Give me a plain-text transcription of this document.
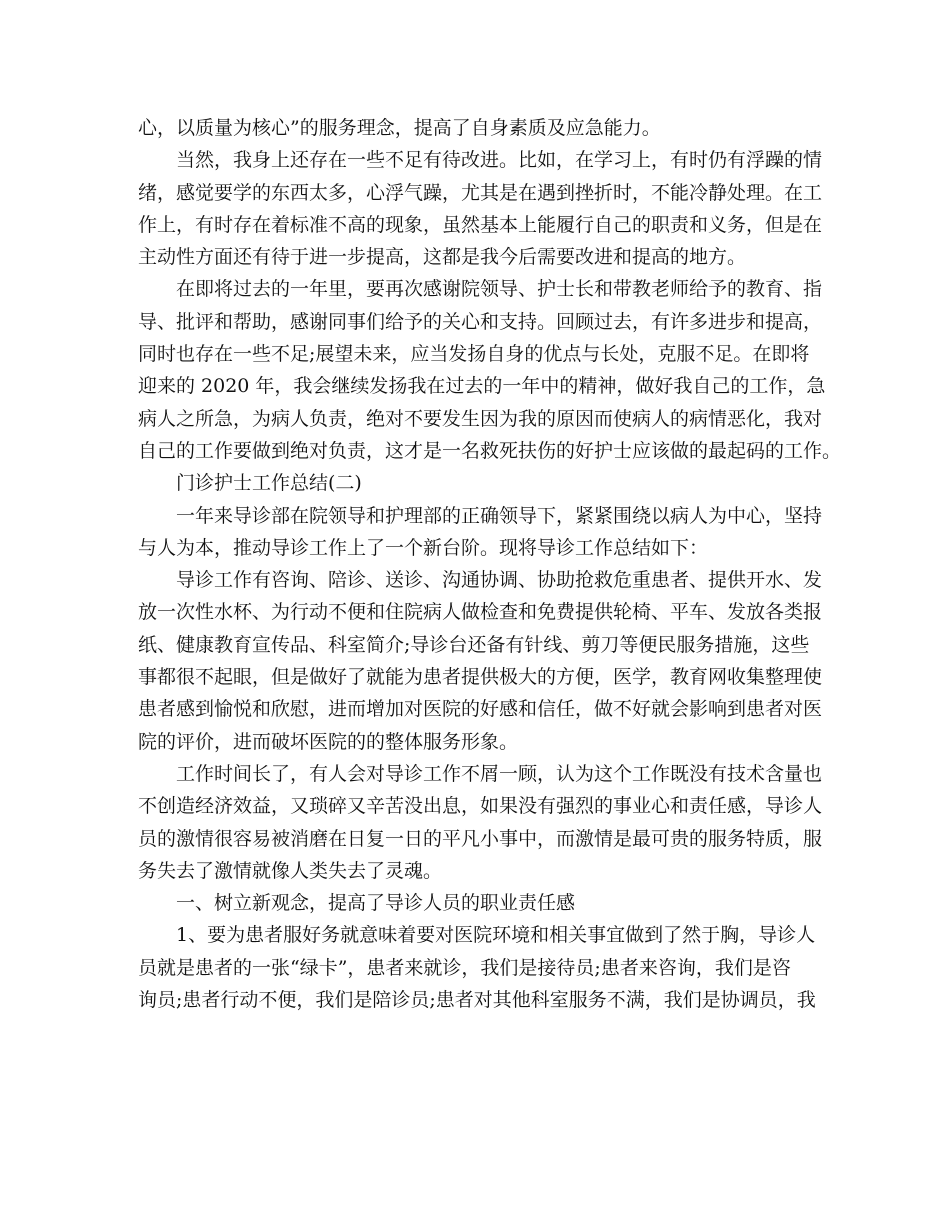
心，以质量为核心”的服务理念，提高了自身素质及应急能力。
当然，我身上还存在一些不足有待改进。比如，在学习上，有时仍有浮躁的情
绪，感觉要学的东西太多，心浮气躁，尤其是在遇到挫折时，不能冷静处理。在工
作上，有时存在着标准不高的现象，虽然基本上能履行自己的职责和义务，但是在
主动性方面还有待于进一步提高，这都是我今后需要改进和提高的地方。
在即将过去的一年里，要再次感谢院领导、护士长和带教老师给予的教育、指
导、批评和帮助，感谢同事们给予的关心和支持。回顾过去，有许多进步和提高，
同时也存在一些不足;展望未来，应当发扬自身的优点与长处，克服不足。在即将
迎来的 2020 年，我会继续发扬我在过去的一年中的精神，做好我自己的工作，急
病人之所急，为病人负责，绝对不要发生因为我的原因而使病人的病情恶化，我对
自己的工作要做到绝对负责，这才是一名救死扶伤的好护士应该做的最起码的工作。
门诊护士工作总结(二)
一年来导诊部在院领导和护理部的正确领导下，紧紧围绕以病人为中心，坚持
与人为本，推动导诊工作上了一个新台阶。现将导诊工作总结如下：
导诊工作有咨询、陪诊、送诊、沟通协调、协助抢救危重患者、提供开水、发
放一次性水杯、为行动不便和住院病人做检查和免费提供轮椅、平车、发放各类报
纸、健康教育宣传品、科室简介;导诊台还备有针线、剪刀等便民服务措施，这些
事都很不起眼，但是做好了就能为患者提供极大的方便，医学，教育网收集整理使
患者感到愉悦和欣慰，进而增加对医院的好感和信任，做不好就会影响到患者对医
院的评价，进而破坏医院的的整体服务形象。
工作时间长了，有人会对导诊工作不屑一顾，认为这个工作既没有技术含量也
不创造经济效益，又琐碎又辛苦没出息，如果没有强烈的事业心和责任感，导诊人
员的激情很容易被消磨在日复一日的平凡小事中，而激情是最可贵的服务特质，服
务失去了激情就像人类失去了灵魂。
一、树立新观念，提高了导诊人员的职业责任感
1、要为患者服好务就意味着要对医院环境和相关事宜做到了然于胸，导诊人
员就是患者的一张“绿卡”，患者来就诊，我们是接待员;患者来咨询，我们是咨
询员;患者行动不便，我们是陪诊员;患者对其他科室服务不满，我们是协调员，我
